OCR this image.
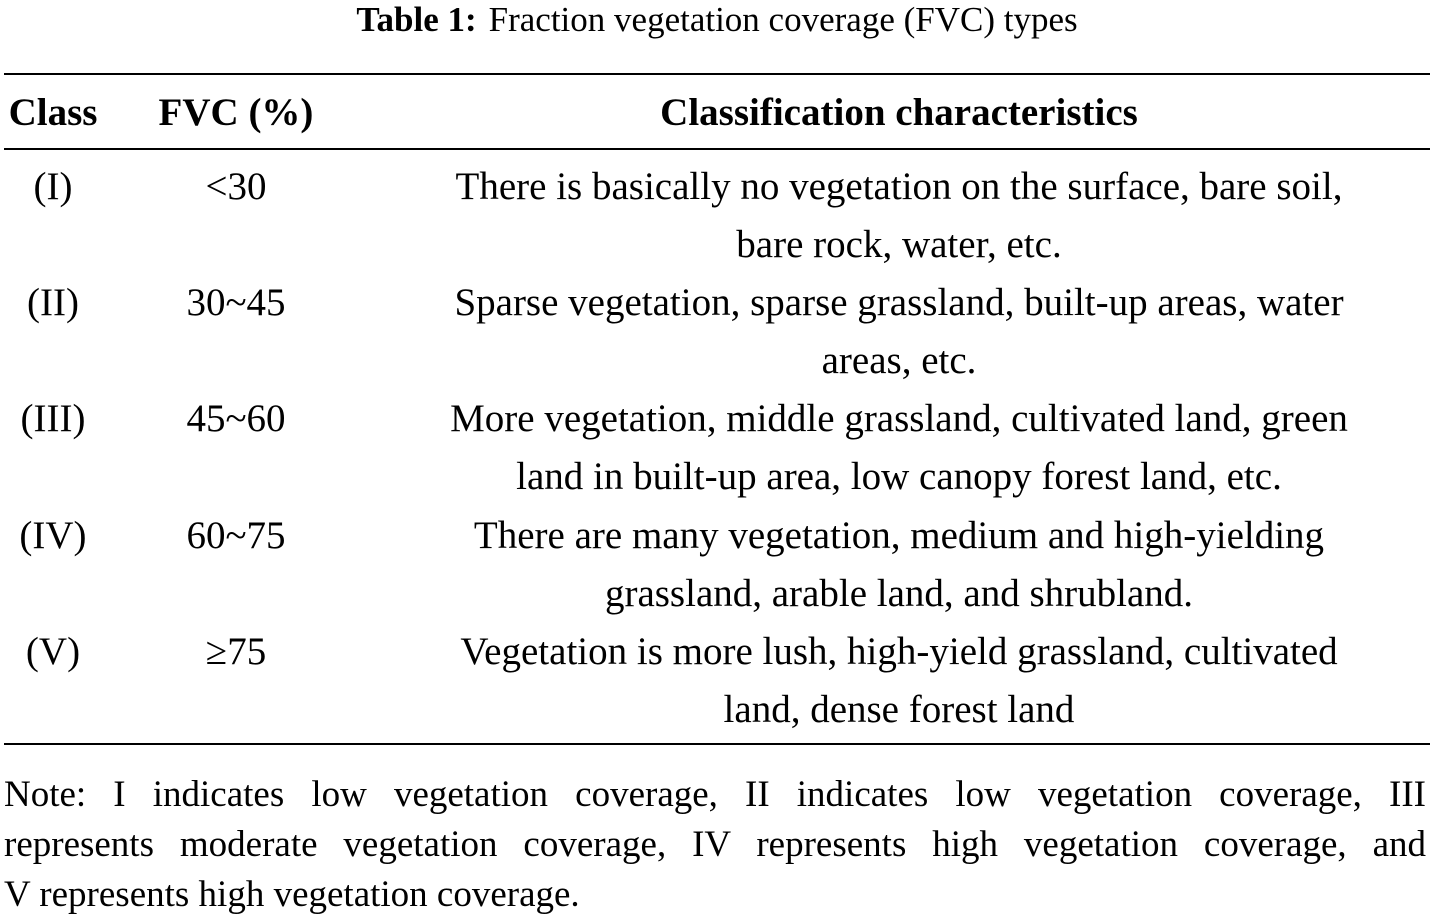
Table 1: Fraction vegetation coverage (FVC) types
Class	FVC (%)	Classification characteristics
(I)	<30	There is basically no vegetation on the surface, bare soil,
bare rock, water, etc.
(II)	30~45	Sparse vegetation, sparse grassland, built-up areas, water
areas, etc.
(III)	45~60	More vegetation, middle grassland, cultivated land, green
land in built-up area, low canopy forest land, etc.
(IV)	60~75	There are many vegetation, medium and high-yielding
grassland, arable land, and shrubland.
(V)	≥75	Vegetation is more lush, high-yield grassland, cultivated
land, dense forest land
Note: I indicates low vegetation coverage, II indicates low vegetation coverage, III
represents moderate vegetation coverage, IV represents high vegetation coverage, and
V represents high vegetation coverage.
